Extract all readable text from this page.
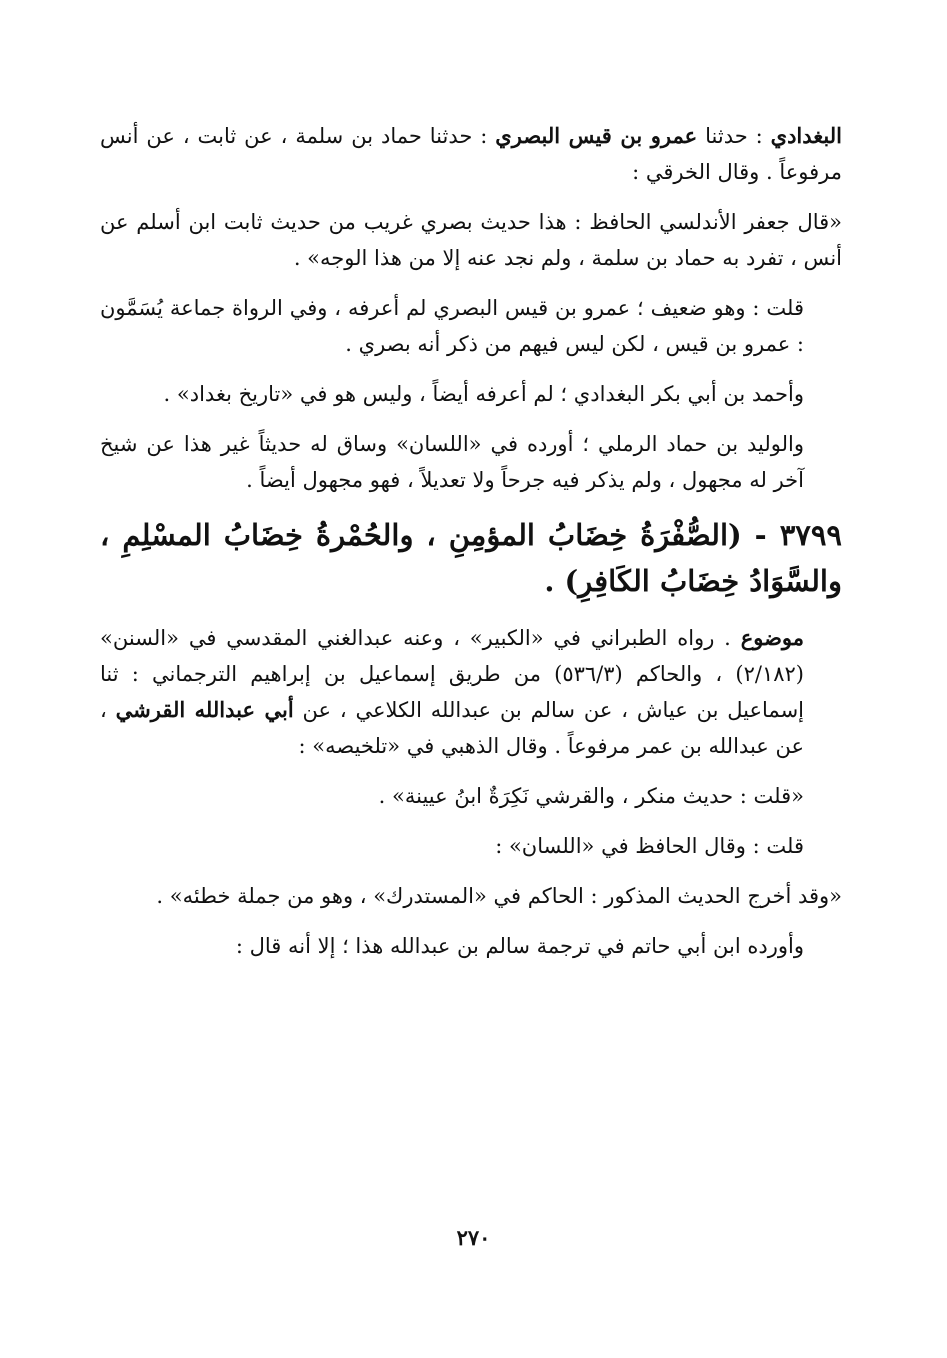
البغدادي : حدثنا عمرو بن قيس البصري : حدثنا حماد بن سلمة ، عن ثابت ، عن أنس مرفوعاً . وقال الخرقي :

«قال جعفر الأندلسي الحافظ : هذا حديث بصري غريب من حديث ثابت ابن أسلم عن أنس ، تفرد به حماد بن سلمة ، ولم نجد عنه إلا من هذا الوجه» .

قلت : وهو ضعيف ؛ عمرو بن قيس البصري لم أعرفه ، وفي الرواة جماعة يُسَمَّون : عمرو بن قيس ، لكن ليس فيهم من ذكر أنه بصري .

وأحمد بن أبي بكر البغدادي ؛ لم أعرفه أيضاً ، وليس هو في «تاريخ بغداد» .

والوليد بن حماد الرملي ؛ أورده في «اللسان» وساق له حديثاً غير هذا عن شيخ آخر له مجهول ، ولم يذكر فيه جرحاً ولا تعديلاً ، فهو مجهول أيضاً .

٣٧٩٩ - (الصُّفْرَةُ خِضَابُ المؤمِنِ ، والحُمْرةُ خِضَابُ المسْلِمِ ، والسَّوَادُ خِضَابُ الكَافِرِ) .

موضوع . رواه الطبراني في «الكبير» ، وعنه عبدالغني المقدسي في «السنن» (٢/١٨٢) ، والحاكم (٥٣٦/٣) من طريق إسماعيل بن إبراهيم الترجماني : ثنا إسماعيل بن عياش ، عن سالم بن عبدالله الكلاعي ، عن أبي عبدالله القرشي ، عن عبدالله بن عمر مرفوعاً . وقال الذهبي في «تلخيصه» :

«قلت : حديث منكر ، والقرشي نَكِرَةٌ ابنُ عيينة» .

قلت : وقال الحافظ في «اللسان» :

«وقد أخرج الحديث المذكور : الحاكم في «المستدرك» ، وهو من جملة خطئه» .

وأورده ابن أبي حاتم في ترجمة سالم بن عبدالله هذا ؛ إلا أنه قال :

٢٧٠
